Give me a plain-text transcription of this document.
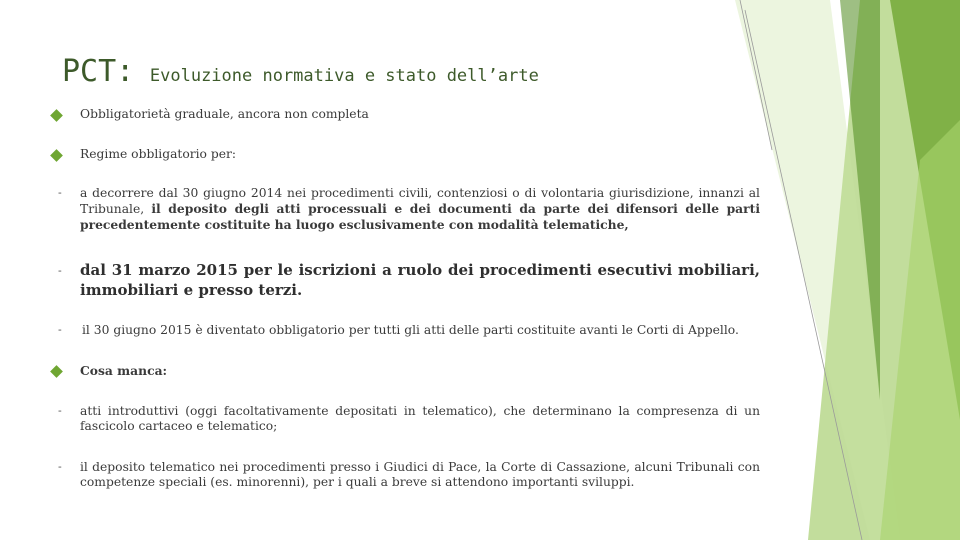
PCT: Evoluzione normativa e stato dell’arte
Obbligatorietà graduale, ancora non completa
Regime obbligatorio per:
- a decorrere dal 30 giugno 2014 nei procedimenti civili, contenziosi o di volontaria giurisdizione, innanzi al Tribunale, il deposito degli atti processuali e dei documenti da parte dei difensori delle parti precedentemente costituite ha luogo esclusivamente con modalità telematiche,
- dal 31 marzo 2015 per le iscrizioni a ruolo dei procedimenti esecutivi mobiliari, immobiliari e presso terzi.
- il 30 giugno 2015 è diventato obbligatorio per tutti gli atti delle parti costituite avanti le Corti di Appello.
Cosa manca:
- atti introduttivi (oggi facoltativamente depositati in telematico), che determinano la compresenza di un fascicolo cartaceo e telematico;
- il deposito telematico nei procedimenti presso i Giudici di Pace, la Corte di Cassazione, alcuni Tribunali con competenze speciali (es. minorenni), per i quali a breve si attendono importanti sviluppi.
